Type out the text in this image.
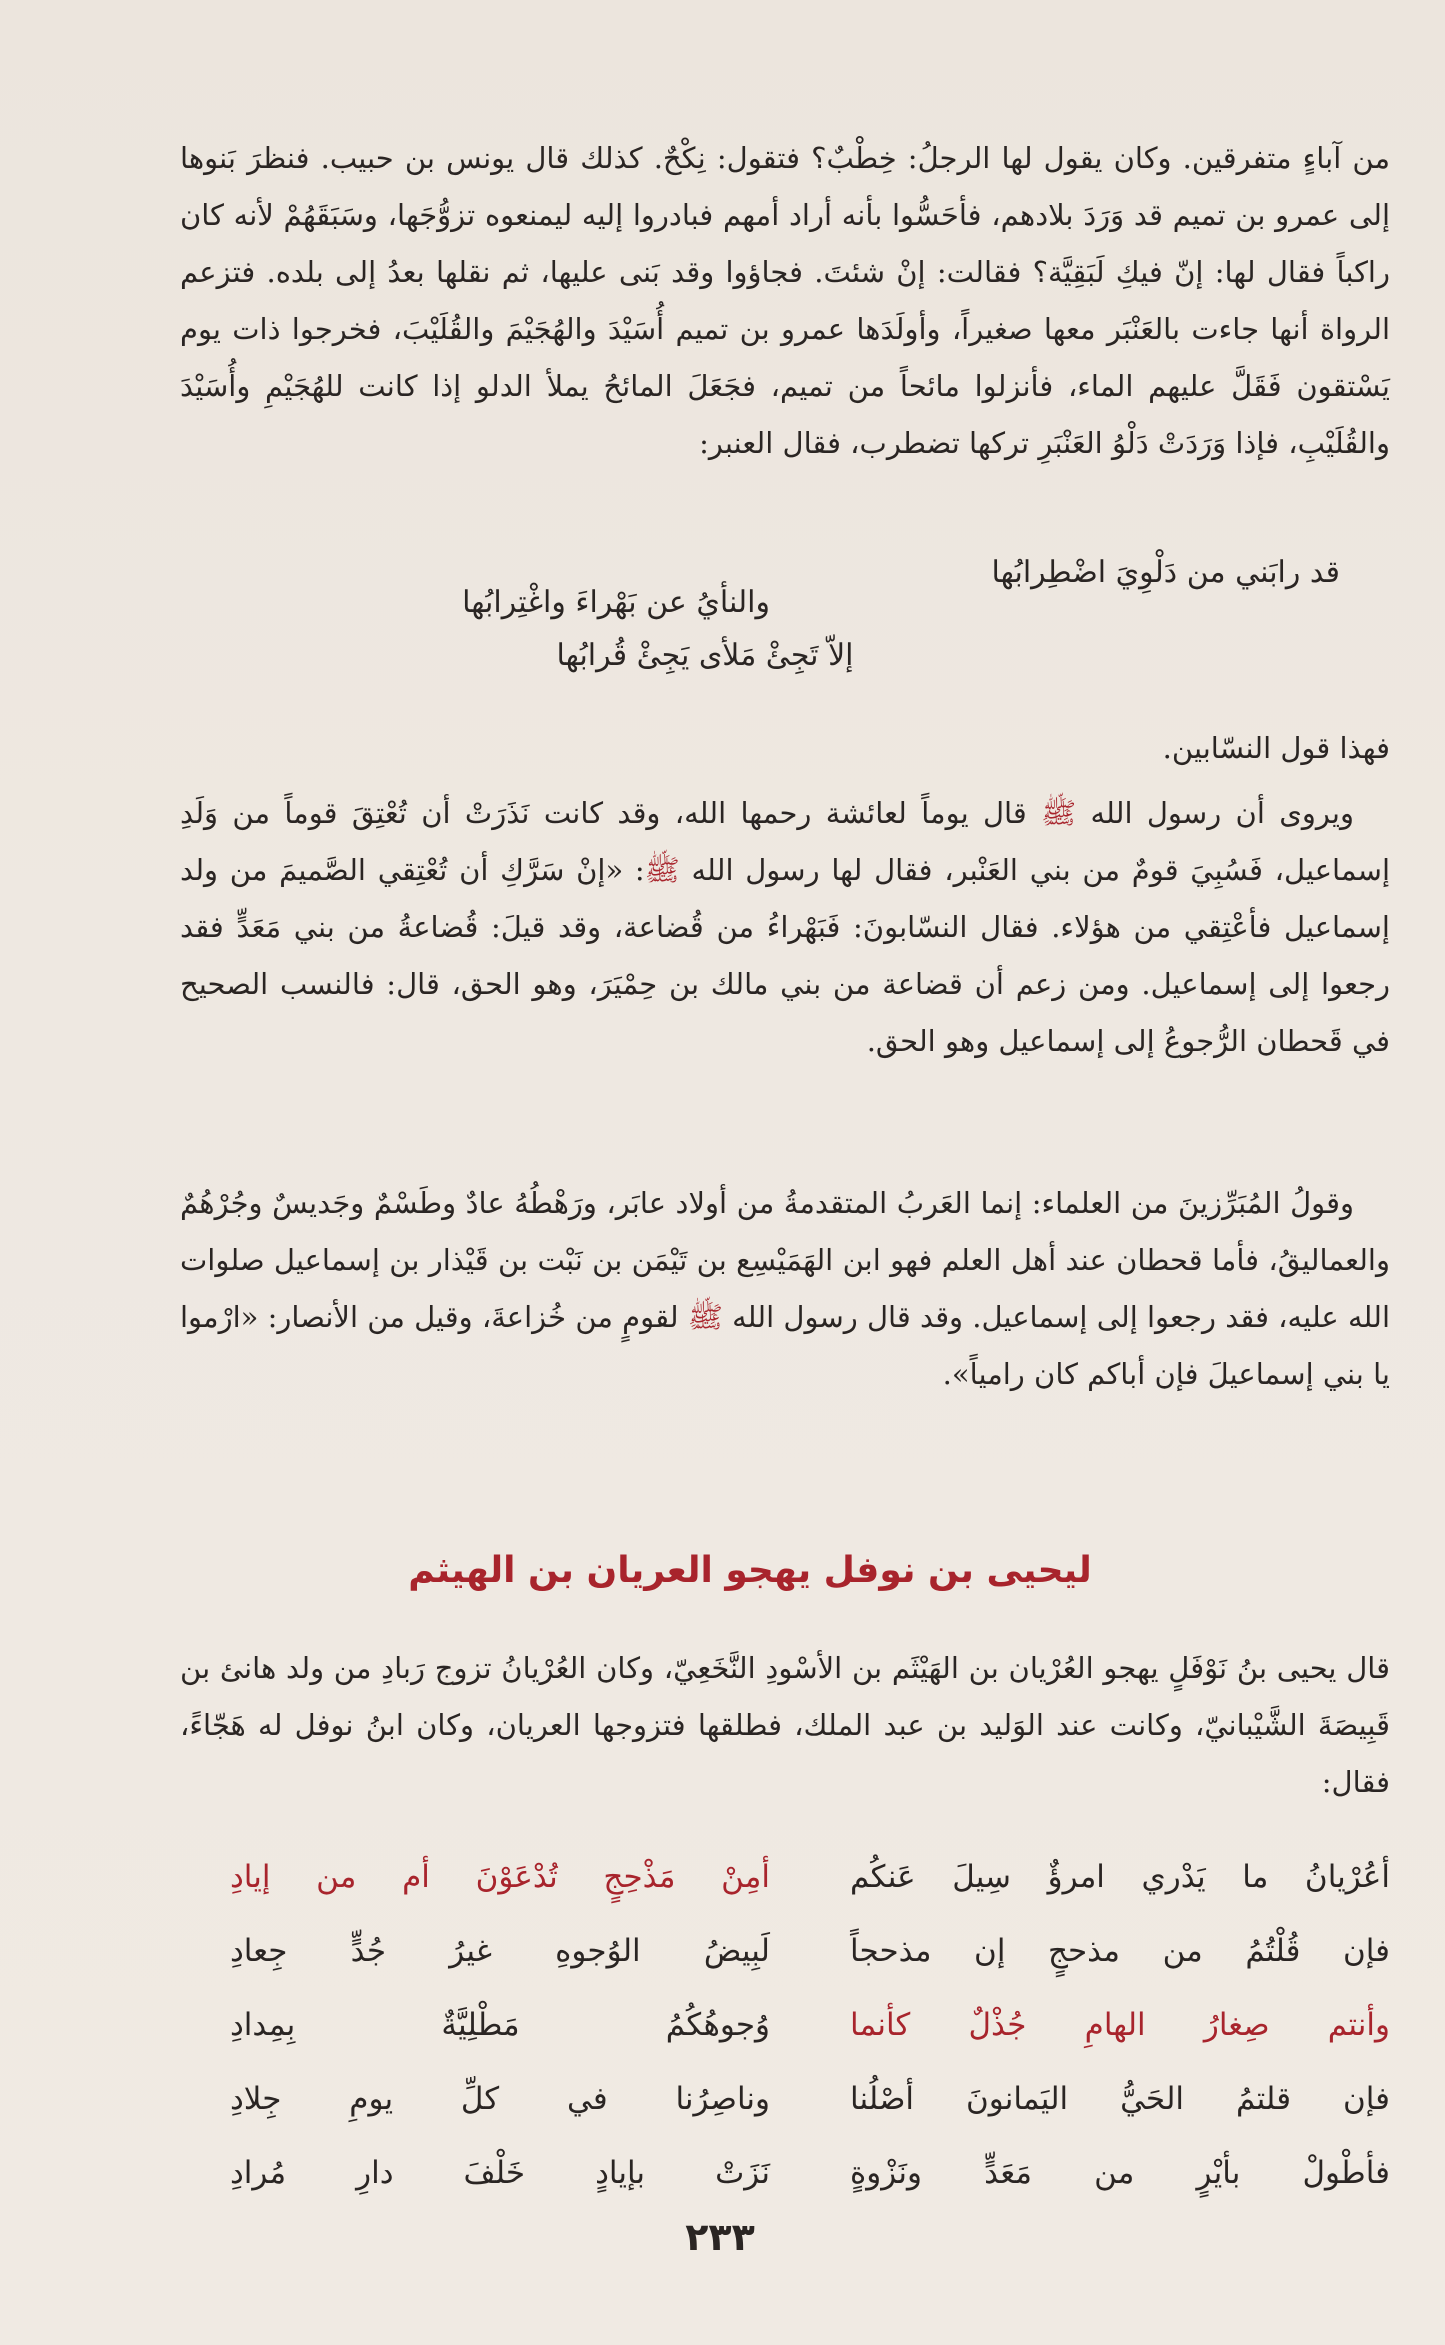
من آباءٍ متفرقين. وكان يقول لها الرجلُ: خِطْبٌ؟ فتقول: نِكْحٌ. كذلك قال يونس بن حبيب. فنظرَ بَنوها إلى عمرو بن تميم قد وَرَدَ بلادهم، فأحَسُّوا بأنه أراد أمهم فبادروا إليه ليمنعوه تزوُّجَها، وسَبَقَهُمْ لأنه كان راكباً فقال لها: إنّ فيكِ لَبَقِيَّة؟ فقالت: إنْ شئتَ. فجاؤوا وقد بَنى عليها، ثم نقلها بعدُ إلى بلده. فتزعم الرواة أنها جاءت بالعَنْبَر معها صغيراً، وأولَدَها عمرو بن تميم أُسَيْدَ والهُجَيْمَ والقُلَيْبَ، فخرجوا ذات يوم يَسْتقون فَقَلَّ عليهم الماء، فأنزلوا مائحاً من تميم، فجَعَلَ المائحُ يملأ الدلو إذا كانت للهُجَيْمِ وأُسَيْدَ والقُلَيْبِ، فإذا وَرَدَتْ دَلْوُ العَنْبَرِ تركها تضطرب، فقال العنبر:

قد رابَني من دَلْوِيَ اضْطِرابُها
والنأيُ عن بَهْراءَ واغْتِرابُها
إلاّ تَجِئْ مَلأى يَجِئْ قُرابُها

فهذا قول النسّابين.

ويروى أن رسول الله ﷺ قال يوماً لعائشة رحمها الله، وقد كانت نَذَرَتْ أن تُعْتِقَ قوماً من وَلَدِ إسماعيل، فَسُبِيَ قومٌ من بني العَنْبر، فقال لها رسول الله ﷺ: «إنْ سَرَّكِ أن تُعْتِقي الصَّميمَ من ولد إسماعيل فأعْتِقي من هؤلاء. فقال النسّابونَ: فَبَهْراءُ من قُضاعة، وقد قيلَ: قُضاعةُ من بني مَعَدٍّ فقد رجعوا إلى إسماعيل. ومن زعم أن قضاعة من بني مالك بن حِمْيَرَ، وهو الحق، قال: فالنسب الصحيح في قَحطان الرُّجوعُ إلى إسماعيل وهو الحق.

وقولُ المُبَرِّزينَ من العلماء: إنما العَربُ المتقدمةُ من أولاد عابَر، ورَهْطُهُ عادٌ وطَسْمٌ وجَديسٌ وجُرْهُمٌ والعماليقُ، فأما قحطان عند أهل العلم فهو ابن الهَمَيْسِع بن تَيْمَن بن نَبْت بن قَيْذار بن إسماعيل صلوات الله عليه، فقد رجعوا إلى إسماعيل. وقد قال رسول الله ﷺ لقومٍ من خُزاعةَ، وقيل من الأنصار: «ارْموا يا بني إسماعيلَ فإن أباكم كان رامياً».

ليحيى بن نوفل يهجو العريان بن الهيثم

قال يحيى بنُ نَوْفَلٍ يهجو العُرْيان بن الهَيْثَم بن الأسْودِ النَّخَعِيّ، وكان العُرْيانُ تزوج رَبادِ من ولد هانئ بن قَبِيصَةَ الشَّيْبانيّ، وكانت عند الوَليد بن عبد الملك، فطلقها فتزوجها العريان، وكان ابنُ نوفل له هَجّاءً، فقال:

أعُرْيانُ ما يَدْري امرؤٌ سِيلَ عَنكُم
أمِنْ مَذْحِجٍ تُدْعَوْنَ أم من إيادِ
فإن قُلْتُمُ من مذحجٍ إن مذحجاً
لَبِيضُ الوُجوهِ غيرُ جُدٍّ جِعادِ
وأنتم صِغارُ الهامِ جُذْلٌ كأنما
وُجوهُكُمُ مَطْلِيَّةٌ بِمِدادِ
فإن قلتمُ الحَيُّ اليَمانونَ أصْلُنا
وناصِرُنا في كلِّ يومِ جِلادِ
فأطْولْ بأيْرٍ من مَعَدٍّ ونَزْوةٍ
نَزَتْ بإيادٍ خَلْفَ دارِ مُرادِ
٢٣٣
